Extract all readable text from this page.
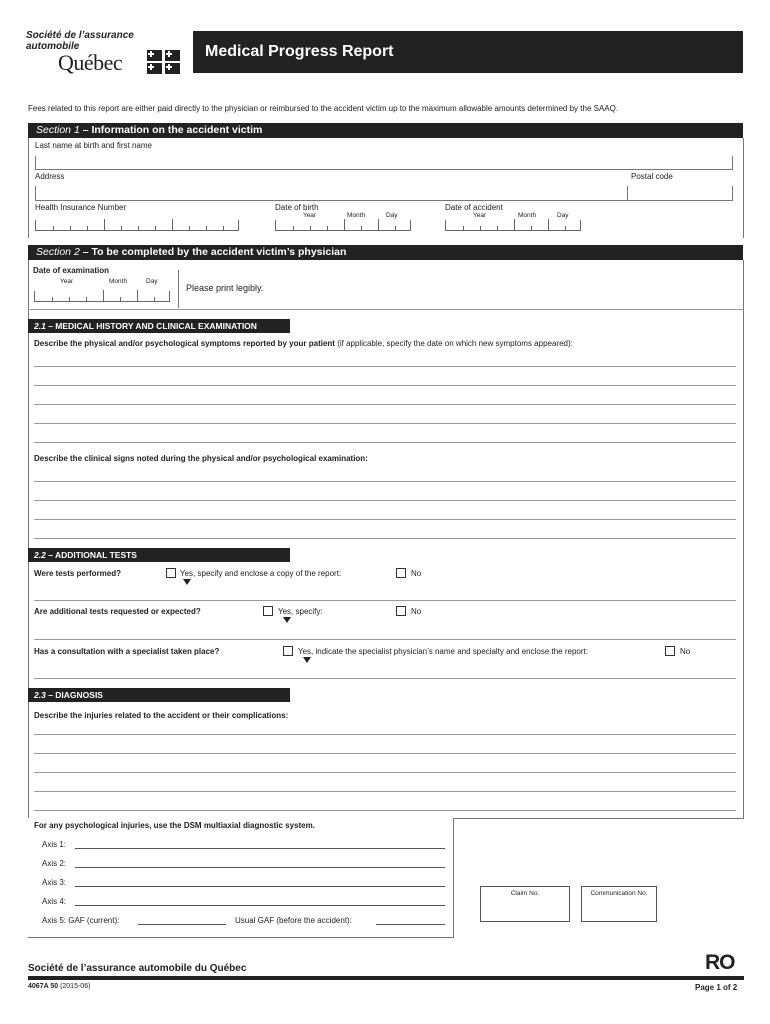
Société de l’assurance
automobile
Québec	Medical Progress Report
Fees related to this report are either paid directly to the physician or reimbursed to the accident victim up to the maximum allowable amounts determined by the SAAQ.
Section 1 – Information on the accident victim
Last name at birth and first name
Address	Postal code
Health Insurance Number	Date of birth
Year	Month	Day
Date of accident
Year	Month	Day
Section 2 – To be completed by the accident victim’s physician
Date of examination
Year	Month	Day
Please print legibly.
2.1 – MEDICAL HISTORY AND CLINICAL EXAMINATION
Describe the physical and/or psychological symptoms reported by your patient (if applicable, specify the date on which new symptoms appeared):
Describe the clinical signs noted during the physical and/or psychological examination:
2.2 – ADDITIONAL TESTS
Were tests performed?	Yes, specify and enclose a copy of the report:	No
Are additional tests requested or expected?	Yes, specify:	No
Has a consultation with a specialist taken place?	Yes, indicate the specialist physician’s name and specialty and enclose the report:	No
2.3 – DIAGNOSIS
Describe the injuries related to the accident or their complications:
For any psychological injuries, use the DSM multiaxial diagnostic system.
Axis 1:
Axis 2:
Axis 3:
Axis 4:
Axis 5: GAF (current):	Usual GAF (before the accident):
Claim No.	Communication No.
Société de l’assurance automobile du Québec	RO
4067A 50 (2015-06)	Page 1 of 2
